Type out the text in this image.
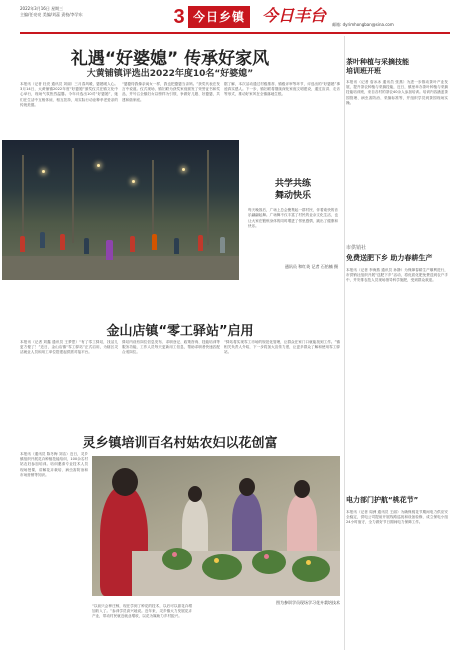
2022年3月16日 星期三
主编/任亮亮 美编/刘蕊 责校/李学东	3 今日乡镇	今日丰台	邮箱: dyrimhongban@sina.com
礼遇“好婆媳” 传承好家风
大黄铺镇评选出2022年度10名“好婆媳”
本报讯（记者 杜亮 通讯员 刘丽）三月春风暖，婆媳暖人心。3月14日，大黄铺镇2022年度“好婆媳”颁奖仪式在镇文化中心举行，现场气氛热烈温馨。今年评选出10对“好婆媳”，她们在生活中互相体谅、相互扶持，用实际行动诠释孝老爱亲的传统美德。
“婆婆待我像亲闺女一样，我也把婆婆当亲妈。”获奖代表在发言中说道。仪式现场，镇妇联为获奖家庭颁发了荣誉证书和奖品，并号召全镇妇女以榜样为引领，争做好儿媳、好婆婆，共建和谐家庭。
据了解，本次活动通过村级推荐、镇级评审等环节，评选出的“好婆媳”事迹真实感人。下一步，镇妇联将继续深化家庭文明建设，通过宣讲、走访等形式，推动好家风在全镇落地生根。
共学共练
舞动快乐
每天晚饭后，广场上总会聚集起一群村民，伴着欢快的音乐翩翩起舞。广场舞不仅丰富了村民的业余文化生活，也让大家在锻炼身体的同时增进了邻里感情，跳出了健康和快乐。
通讯员 和红英 记者 石怡楠 摄
金山店镇“零工驿站”启用
本报讯（记者 刘鑫 通讯员 王梦思）“有了零工驿站，找活儿更方便了！”近日，金山店镇“零工驿站”正式启用，为辖区灵活就业人员和用工单位搭建起供需对接平台。
驿站内设有岗位信息发布、求职登记、政策咨询、技能培训等服务功能，工作人员每天更新用工信息，帮助求职者快速匹配合适岗位。
“驿站将实现零工市场的规范化管理，让群众在家门口就能找到工作。”镇相关负责人介绍，下一步将加大宣传力度，让更多群众了解和使用零工驿站。
灵乡镇培训百名村姑农妇以花创富
本报讯（通讯员 陈冬梅 刘洁）近日，灵乡镇组织开展花卉种植技能培训，100余名村姑农妇参加培训。培训邀请专业技术人员现场授课，讲解花卉栽培、病虫害防治和市场营销等知识。
“以前只会种庄稼，现在学到了种花的技术，以后可以靠花卉增加收入了。”参训学员高兴地说。近年来，灵乡镇大力发展花卉产业，带动村民就近就业增收，以花为媒助力乡村振兴。
图为参训学员现场学习花卉栽培技术
茶叶种植与采摘技能
培训班开班
本报讯（记者 詹冰冰 通讯员 张燕）为进一步推动茶叶产业发展，提升茶农种植与采摘技能，近日，镇里举办茶叶种植与采摘技能培训班，来自各村的茶农40余人参加培训。培训内容涵盖茶园管理、病虫害防治、采摘标准等，并组织学员到茶园现场实操。
市供销社
免费送肥下乡 助力春耕生产
本报讯（记者 李海燕 通讯员 孙静）为保障春耕生产顺利进行，市供销社组织开展“送肥下乡”活动，将优质化肥免费送到农户手中，并安排农技人员现场指导科学施肥，受到群众欢迎。
电力部门护航“桃花节”
本报讯（记者 周洲 通讯员 王丽）为确保桃花节期间电力供应安全稳定，供电公司提前开展线路巡视和设备检修，成立保电小组24小时值守，全力做好节日期间电力保障工作。
